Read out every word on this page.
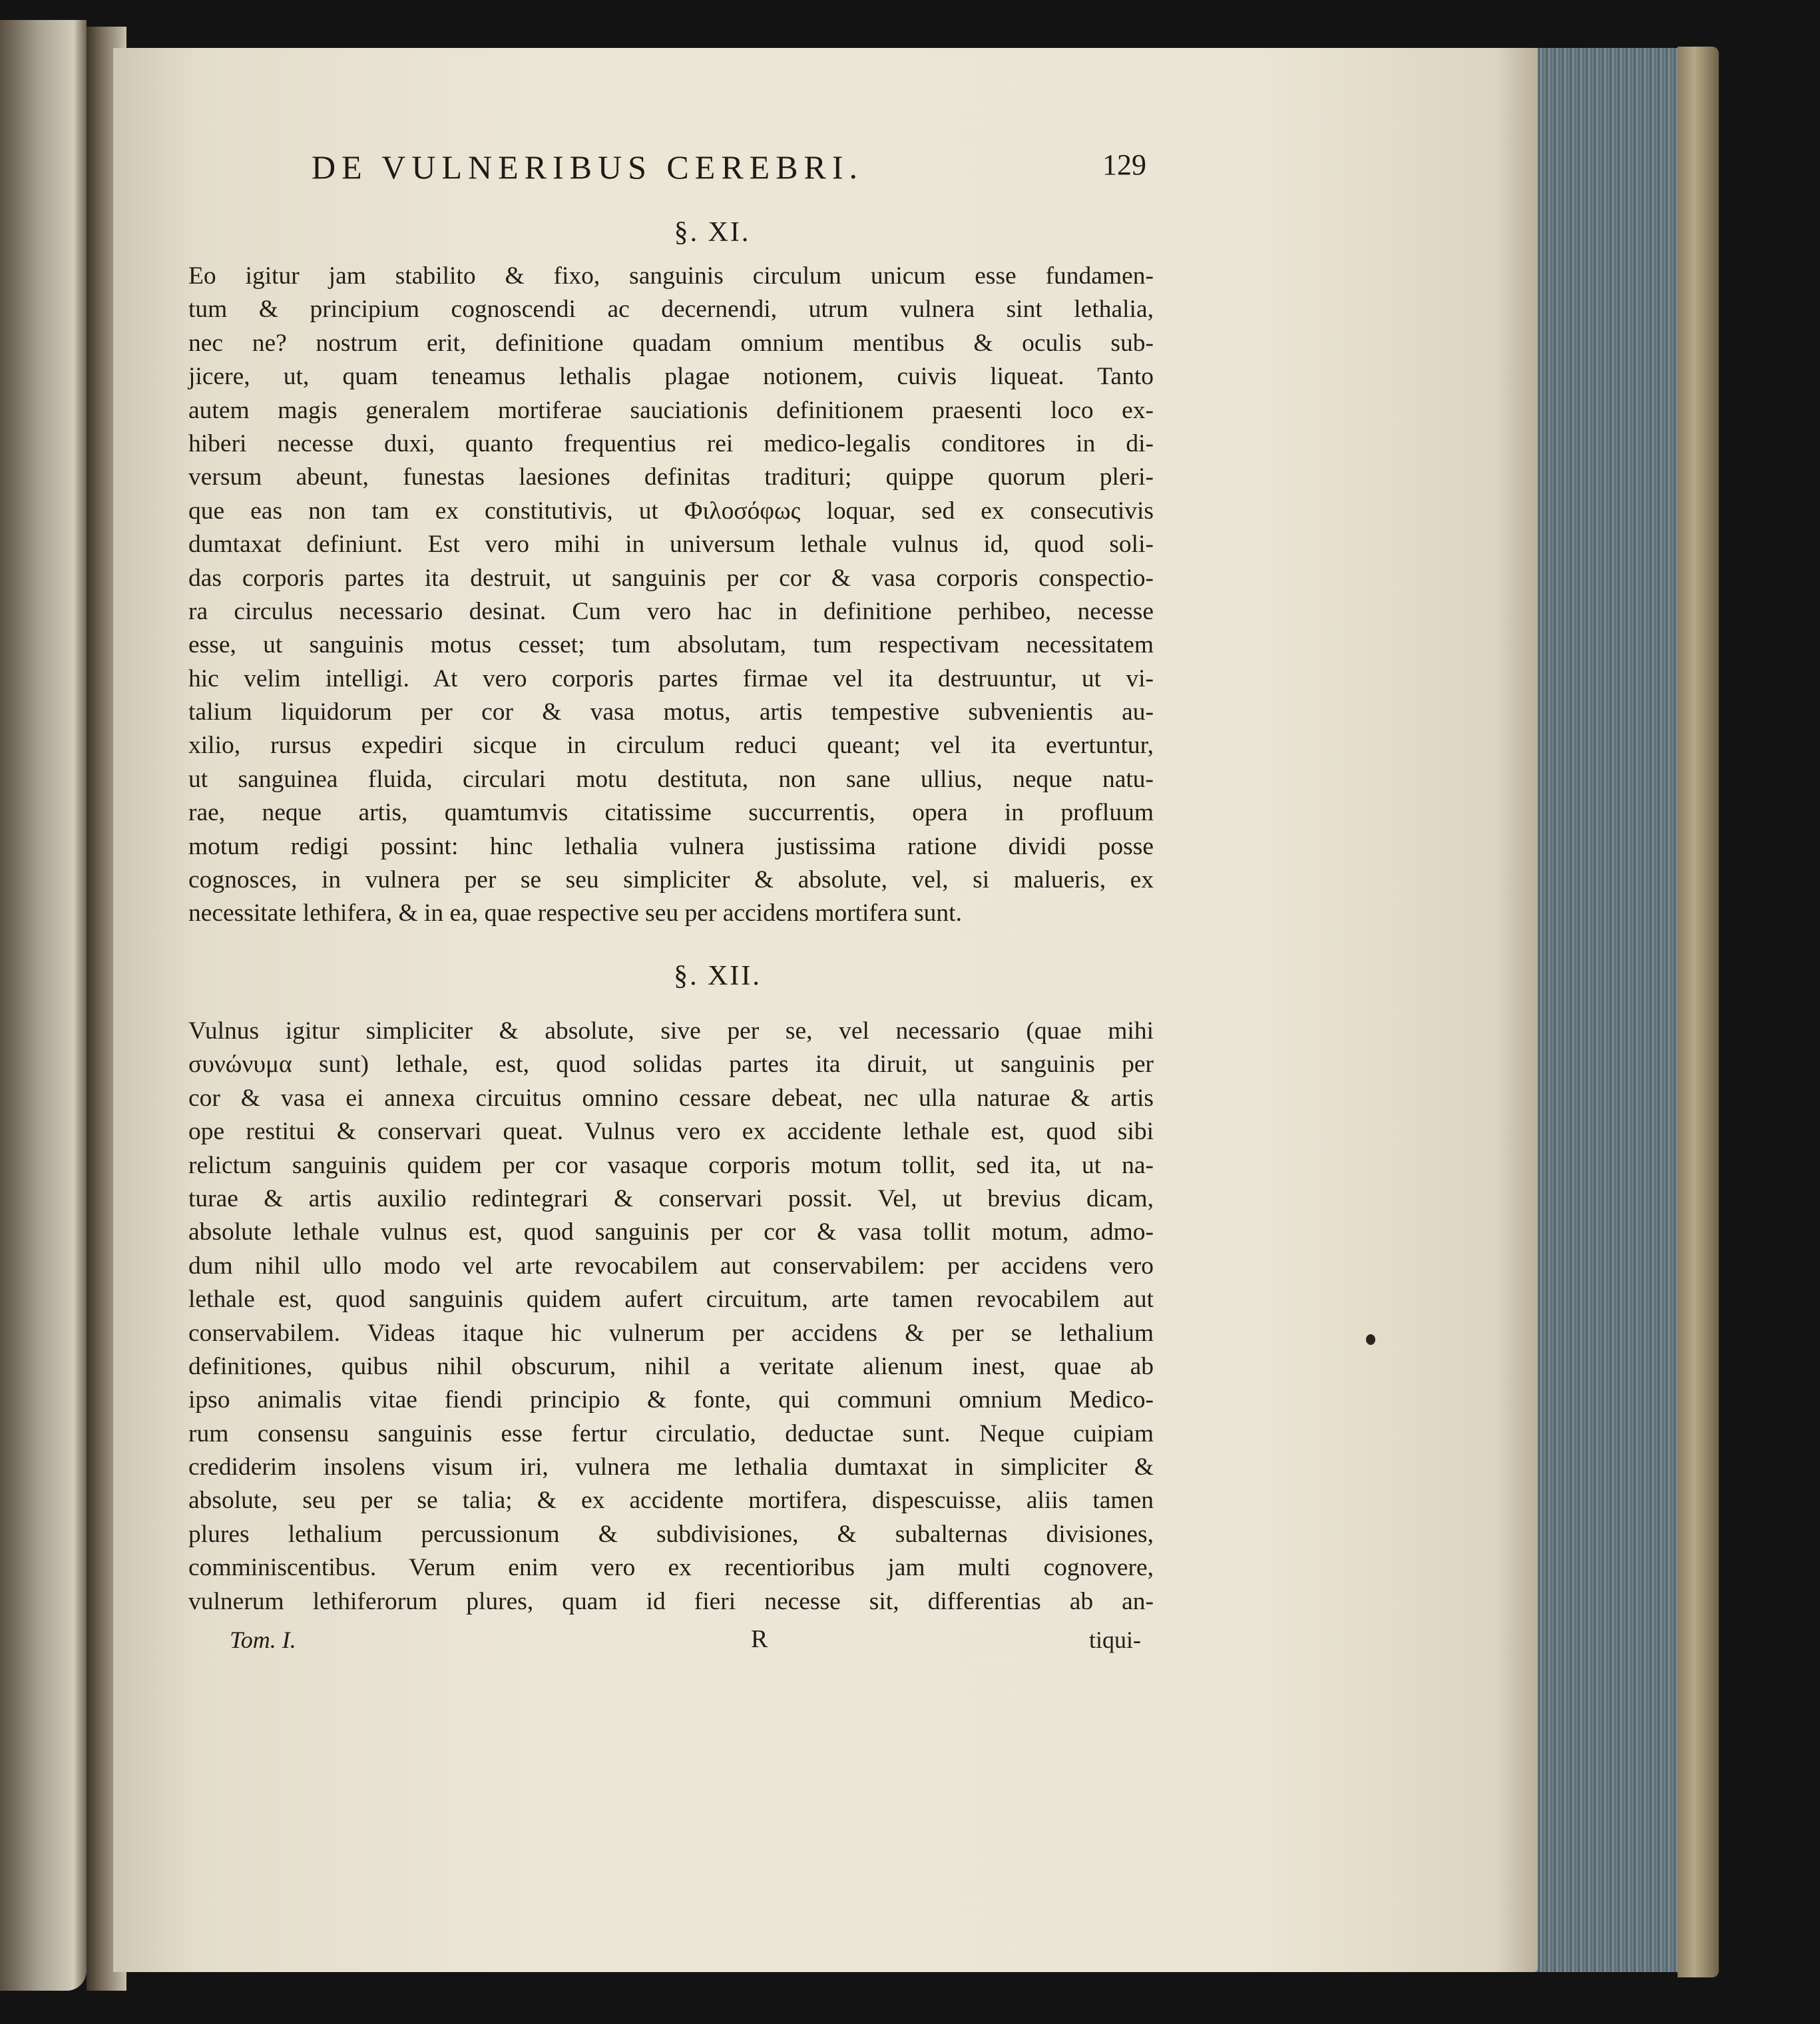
DE VULNERIBUS CEREBRI.	129
§. XI.
Eo igitur jam stabilito & fixo, sanguinis circulum unicum esse fundamen-
tum & principium cognoscendi ac decernendi, utrum vulnera sint lethalia,
nec ne? nostrum erit, definitione quadam omnium mentibus & oculis sub-
jicere, ut, quam teneamus lethalis plagae notionem, cuivis liqueat. Tanto
autem magis generalem mortiferae sauciationis definitionem praesenti loco ex-
hiberi necesse duxi, quanto frequentius rei medico-legalis conditores in di-
versum abeunt, funestas laesiones definitas tradituri; quippe quorum pleri-
que eas non tam ex constitutivis, ut Φιλοσόφως loquar, sed ex consecutivis
dumtaxat definiunt. Est vero mihi in universum lethale vulnus id, quod soli-
das corporis partes ita destruit, ut sanguinis per cor & vasa corporis conspectio-
ra circulus necessario desinat. Cum vero hac in definitione perhibeo, necesse
esse, ut sanguinis motus cesset; tum absolutam, tum respectivam necessitatem
hic velim intelligi. At vero corporis partes firmae vel ita destruuntur, ut vi-
talium liquidorum per cor & vasa motus, artis tempestive subvenientis au-
xilio, rursus expediri sicque in circulum reduci queant; vel ita evertuntur,
ut sanguinea fluida, circulari motu destituta, non sane ullius, neque natu-
rae, neque artis, quamtumvis citatissime succurrentis, opera in profluum
motum redigi possint: hinc lethalia vulnera justissima ratione dividi posse
cognosces, in vulnera per se seu simpliciter & absolute, vel, si malueris, ex
necessitate lethifera, & in ea, quae respective seu per accidens mortifera sunt.
§. XII.
Vulnus igitur simpliciter & absolute, sive per se, vel necessario (quae mihi
συνώνυμα sunt) lethale, est, quod solidas partes ita diruit, ut sanguinis per
cor & vasa ei annexa circuitus omnino cessare debeat, nec ulla naturae & artis
ope restitui & conservari queat. Vulnus vero ex accidente lethale est, quod sibi
relictum sanguinis quidem per cor vasaque corporis motum tollit, sed ita, ut na-
turae & artis auxilio redintegrari & conservari possit. Vel, ut brevius dicam,
absolute lethale vulnus est, quod sanguinis per cor & vasa tollit motum, admo-
dum nihil ullo modo vel arte revocabilem aut conservabilem: per accidens vero
lethale est, quod sanguinis quidem aufert circuitum, arte tamen revocabilem aut
conservabilem. Videas itaque hic vulnerum per accidens & per se lethalium
definitiones, quibus nihil obscurum, nihil a veritate alienum inest, quae ab
ipso animalis vitae fiendi principio & fonte, qui communi omnium Medico-
rum consensu sanguinis esse fertur circulatio, deductae sunt. Neque cuipiam
crediderim insolens visum iri, vulnera me lethalia dumtaxat in simpliciter &
absolute, seu per se talia; & ex accidente mortifera, dispescuisse, aliis tamen
plures lethalium percussionum & subdivisiones, & subalternas divisiones,
comminiscentibus. Verum enim vero ex recentioribus jam multi cognovere,
vulnerum lethiferorum plures, quam id fieri necesse sit, differentias ab an-
Tom. I.	R	tiqui-
